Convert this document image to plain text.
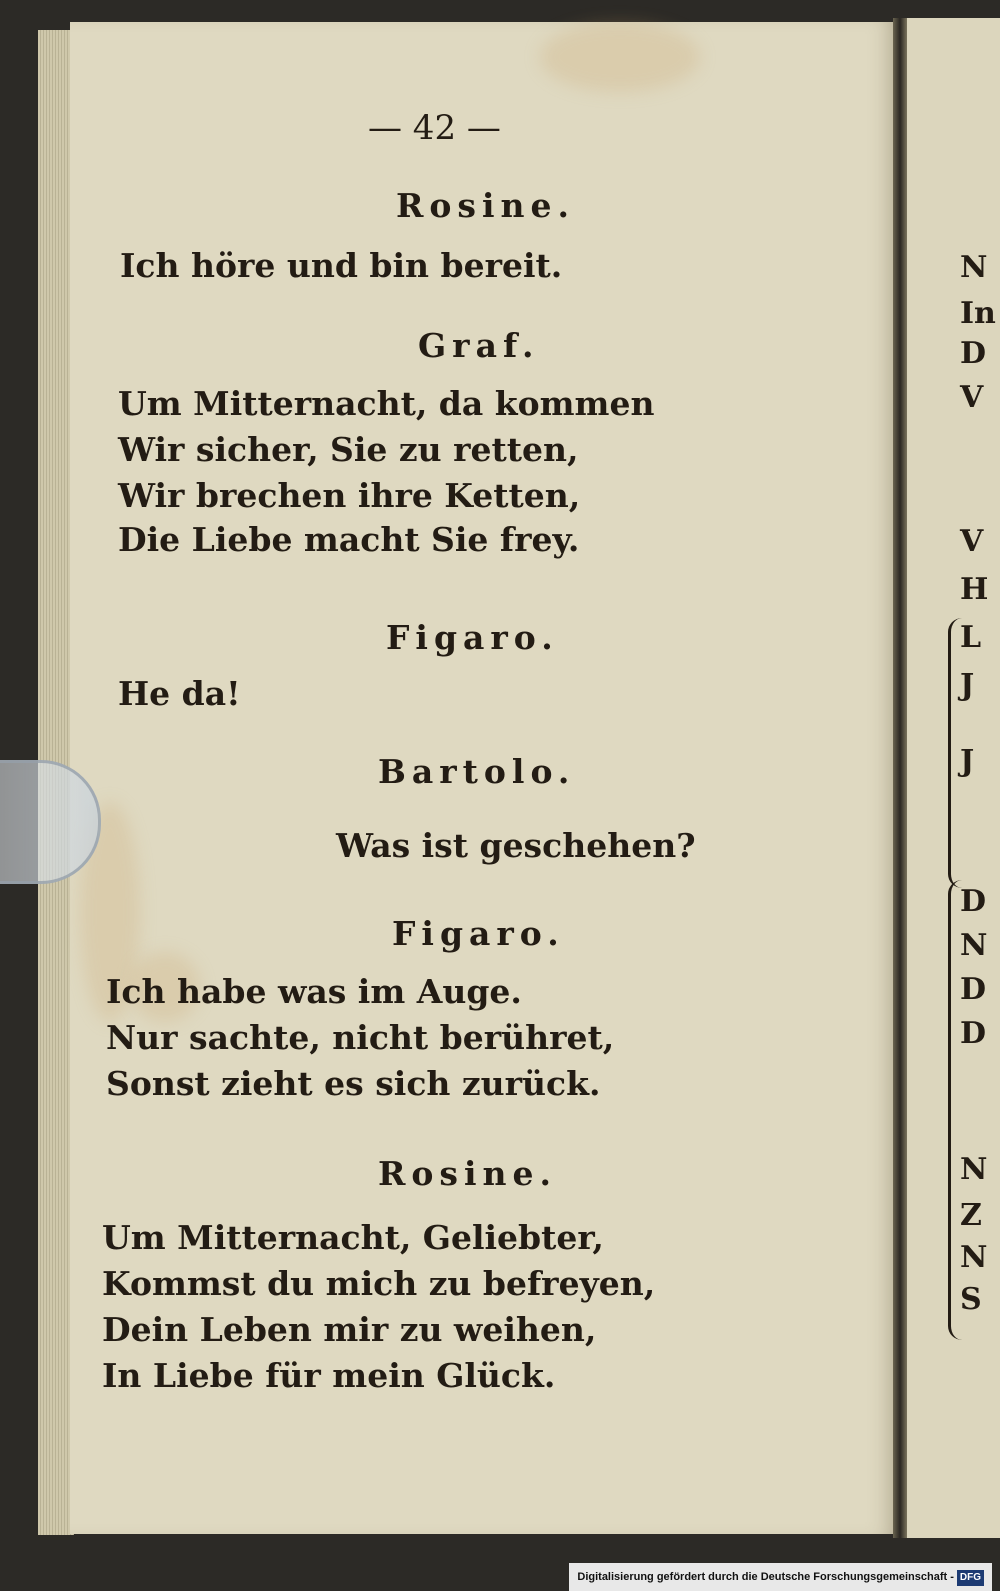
— 42 —
Rosine.
Ich höre und bin bereit.
Graf.
Um Mitternacht, da kommen
Wir sicher, Sie zu retten,
Wir brechen ihre Ketten,
Die Liebe macht Sie frey.
Figaro.
He da!
Bartolo.
Was ist geschehen?
Figaro.
Ich habe was im Auge.
Nur sachte, nicht berühret,
Sonst zieht es sich zurück.
Rosine.
Um Mitternacht, Geliebter,
Kommst du mich zu befreyen,
Dein Leben mir zu weihen,
In Liebe für mein Glück.
N
In
D
V
V
H
L
J
J
D
N
D
D
N
Z
N
S
Digitalisierung gefördert durch die Deutsche Forschungsgemeinschaft - DFG
